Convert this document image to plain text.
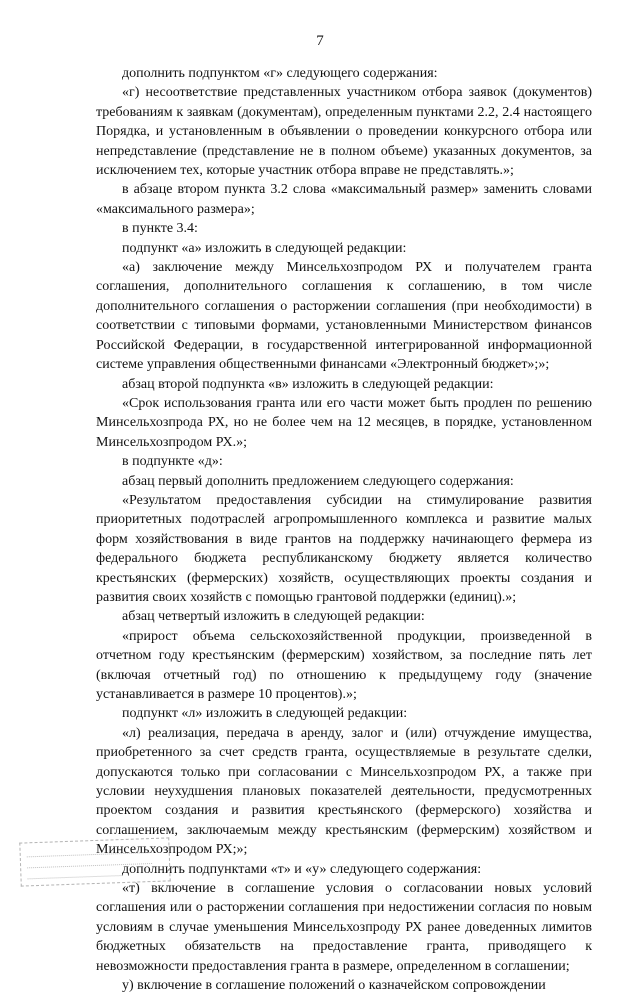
7

дополнить подпунктом «г» следующего содержания:

«г) несоответствие представленных участником отбора заявок (документов) требованиям к заявкам (документам), определенным пунктами 2.2, 2.4 настоящего Порядка, и установленным в объявлении о проведении конкурсного отбора или непредставление (представление не в полном объеме) указанных документов, за исключением тех, которые участник отбора вправе не представлять.»;

в абзаце втором пункта 3.2 слова «максимальный размер» заменить словами «максимального размера»;

в пункте 3.4:

подпункт «а» изложить в следующей редакции:

«а) заключение между Минсельхозпродом РХ и получателем гранта соглашения, дополнительного соглашения к соглашению, в том числе дополнительного соглашения о расторжении соглашения (при необходимости) в соответствии с типовыми формами, установленными Министерством финансов Российской Федерации, в государственной интегрированной информационной системе управления общественными финансами «Электронный бюджет»;»;

абзац второй подпункта «в» изложить в следующей редакции:

«Срок использования гранта или его части может быть продлен по решению Минсельхозпрода РХ, но не более чем на 12 месяцев, в порядке, установленном Минсельхозпродом РХ.»;

в подпункте «д»:

абзац первый дополнить предложением следующего содержания:

«Результатом предоставления субсидии на стимулирование развития приоритетных подотраслей агропромышленного комплекса и развитие малых форм хозяйствования в виде грантов на поддержку начинающего фермера из федерального бюджета республиканскому бюджету является количество крестьянских (фермерских) хозяйств, осуществляющих проекты создания и развития своих хозяйств с помощью грантовой поддержки (единиц).»;

абзац четвертый изложить в следующей редакции:

«прирост объема сельскохозяйственной продукции, произведенной в отчетном году крестьянским (фермерским) хозяйством, за последние пять лет (включая отчетный год) по отношению к предыдущему году (значение устанавливается в размере 10 процентов).»;

подпункт «л» изложить в следующей редакции:

«л) реализация, передача в аренду, залог и (или) отчуждение имущества, приобретенного за счет средств гранта, осуществляемые в результате сделки, допускаются только при согласовании с Минсельхозпродом РХ, а также при условии неухудшения плановых показателей деятельности, предусмотренных проектом создания и развития крестьянского (фермерского) хозяйства и соглашением, заключаемым между крестьянским (фермерским) хозяйством и Минсельхозпродом РХ;»;

дополнить подпунктами «т» и «у» следующего содержания:

«т) включение в соглашение условия о согласовании новых условий соглашения или о расторжении соглашения при недостижении согласия по новым условиям в случае уменьшения Минсельхозпроду РХ ранее доведенных лимитов бюджетных обязательств на предоставление гранта, приводящего к невозможности предоставления гранта в размере, определенном в соглашении;

у) включение в соглашение положений о казначейском сопровождении
